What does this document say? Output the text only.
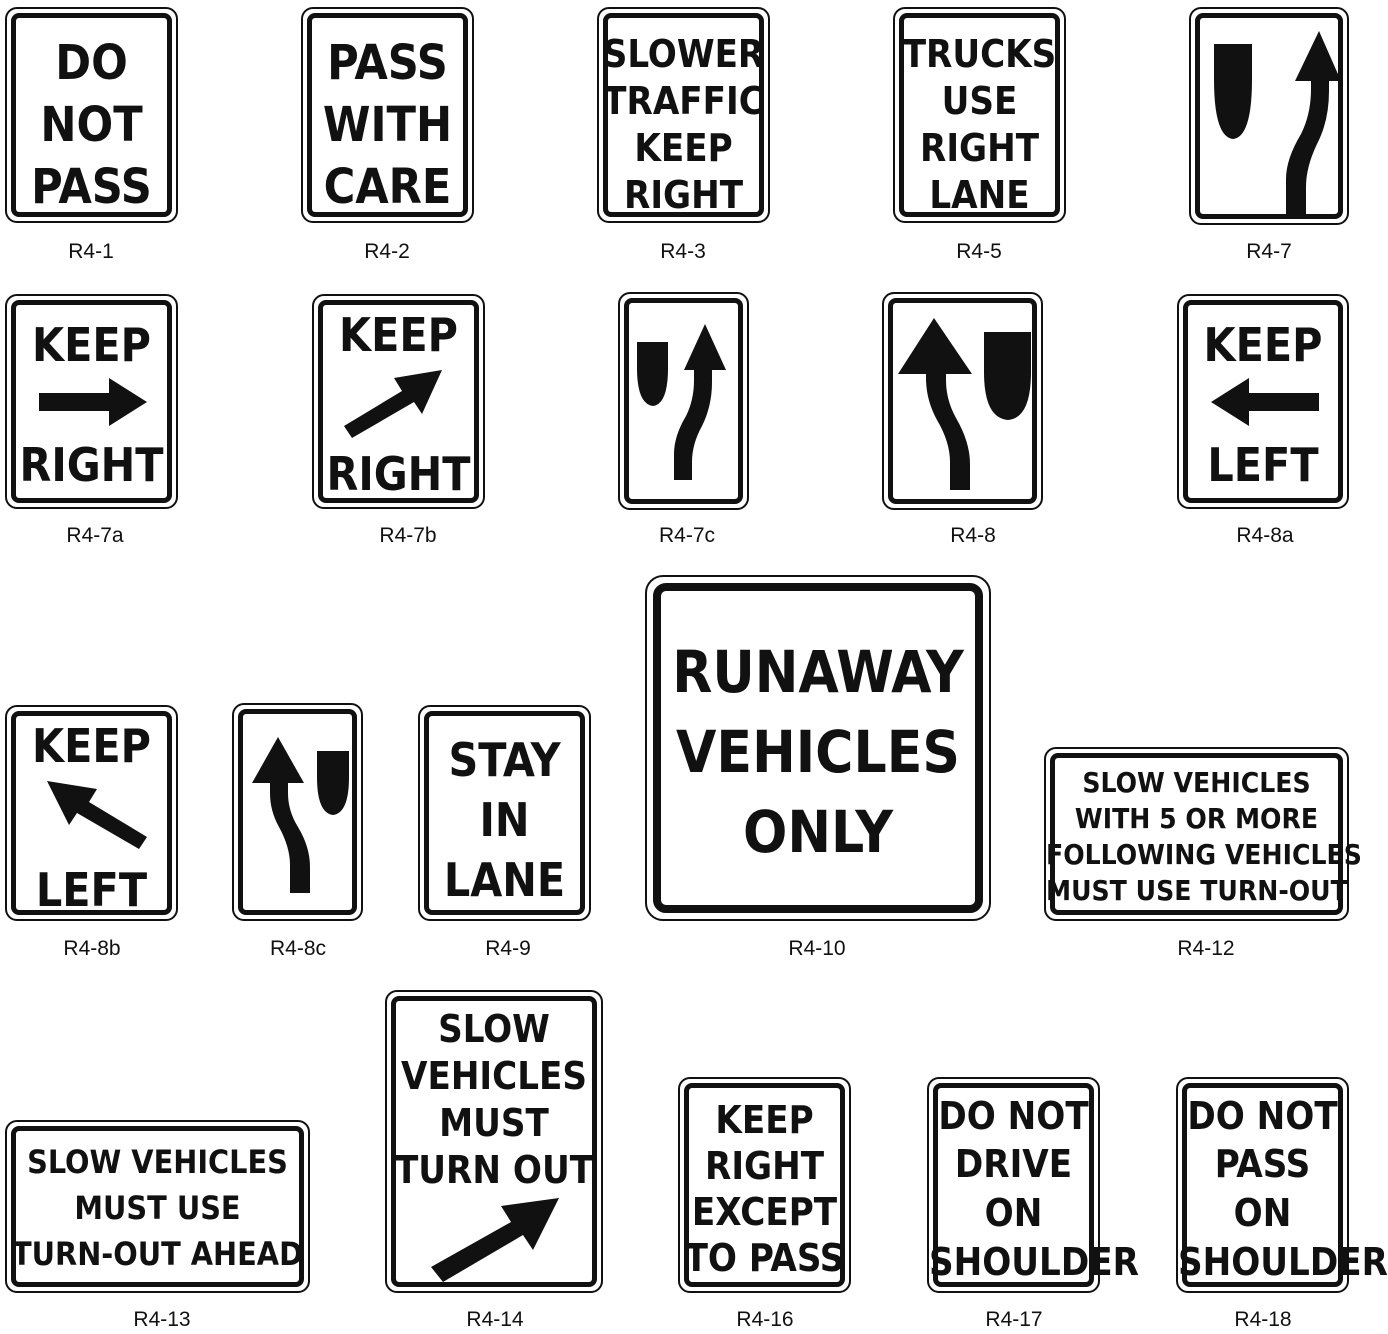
DO
NOT
PASS
R4-1
PASS
WITH
CARE
R4-2
SLOWER
TRAFFIC
KEEP
RIGHT
R4-3
TRUCKS
USE
RIGHT
LANE
R4-5	R4-7
KEEP
RIGHT
R4-7a
KEEP
RIGHT
R4-7b	R4-7c	R4-8
KEEP
LEFT
R4-8a
KEEP
LEFT
R4-8b	R4-8c
STAY
IN
LANE
R4-9
RUNAWAY
VEHICLES
ONLY
R4-10
SLOW VEHICLES
WITH 5 OR MORE
FOLLOWING VEHICLES
MUST USE TURN-OUT
R4-12
SLOW VEHICLES
MUST USE
TURN-OUT AHEAD
R4-13
SLOW
VEHICLES
MUST
TURN OUT
R4-14
KEEP
RIGHT
EXCEPT
TO PASS
R4-16
DO NOT
DRIVE
ON
SHOULDER
R4-17
DO NOT
PASS
ON
SHOULDER
R4-18
